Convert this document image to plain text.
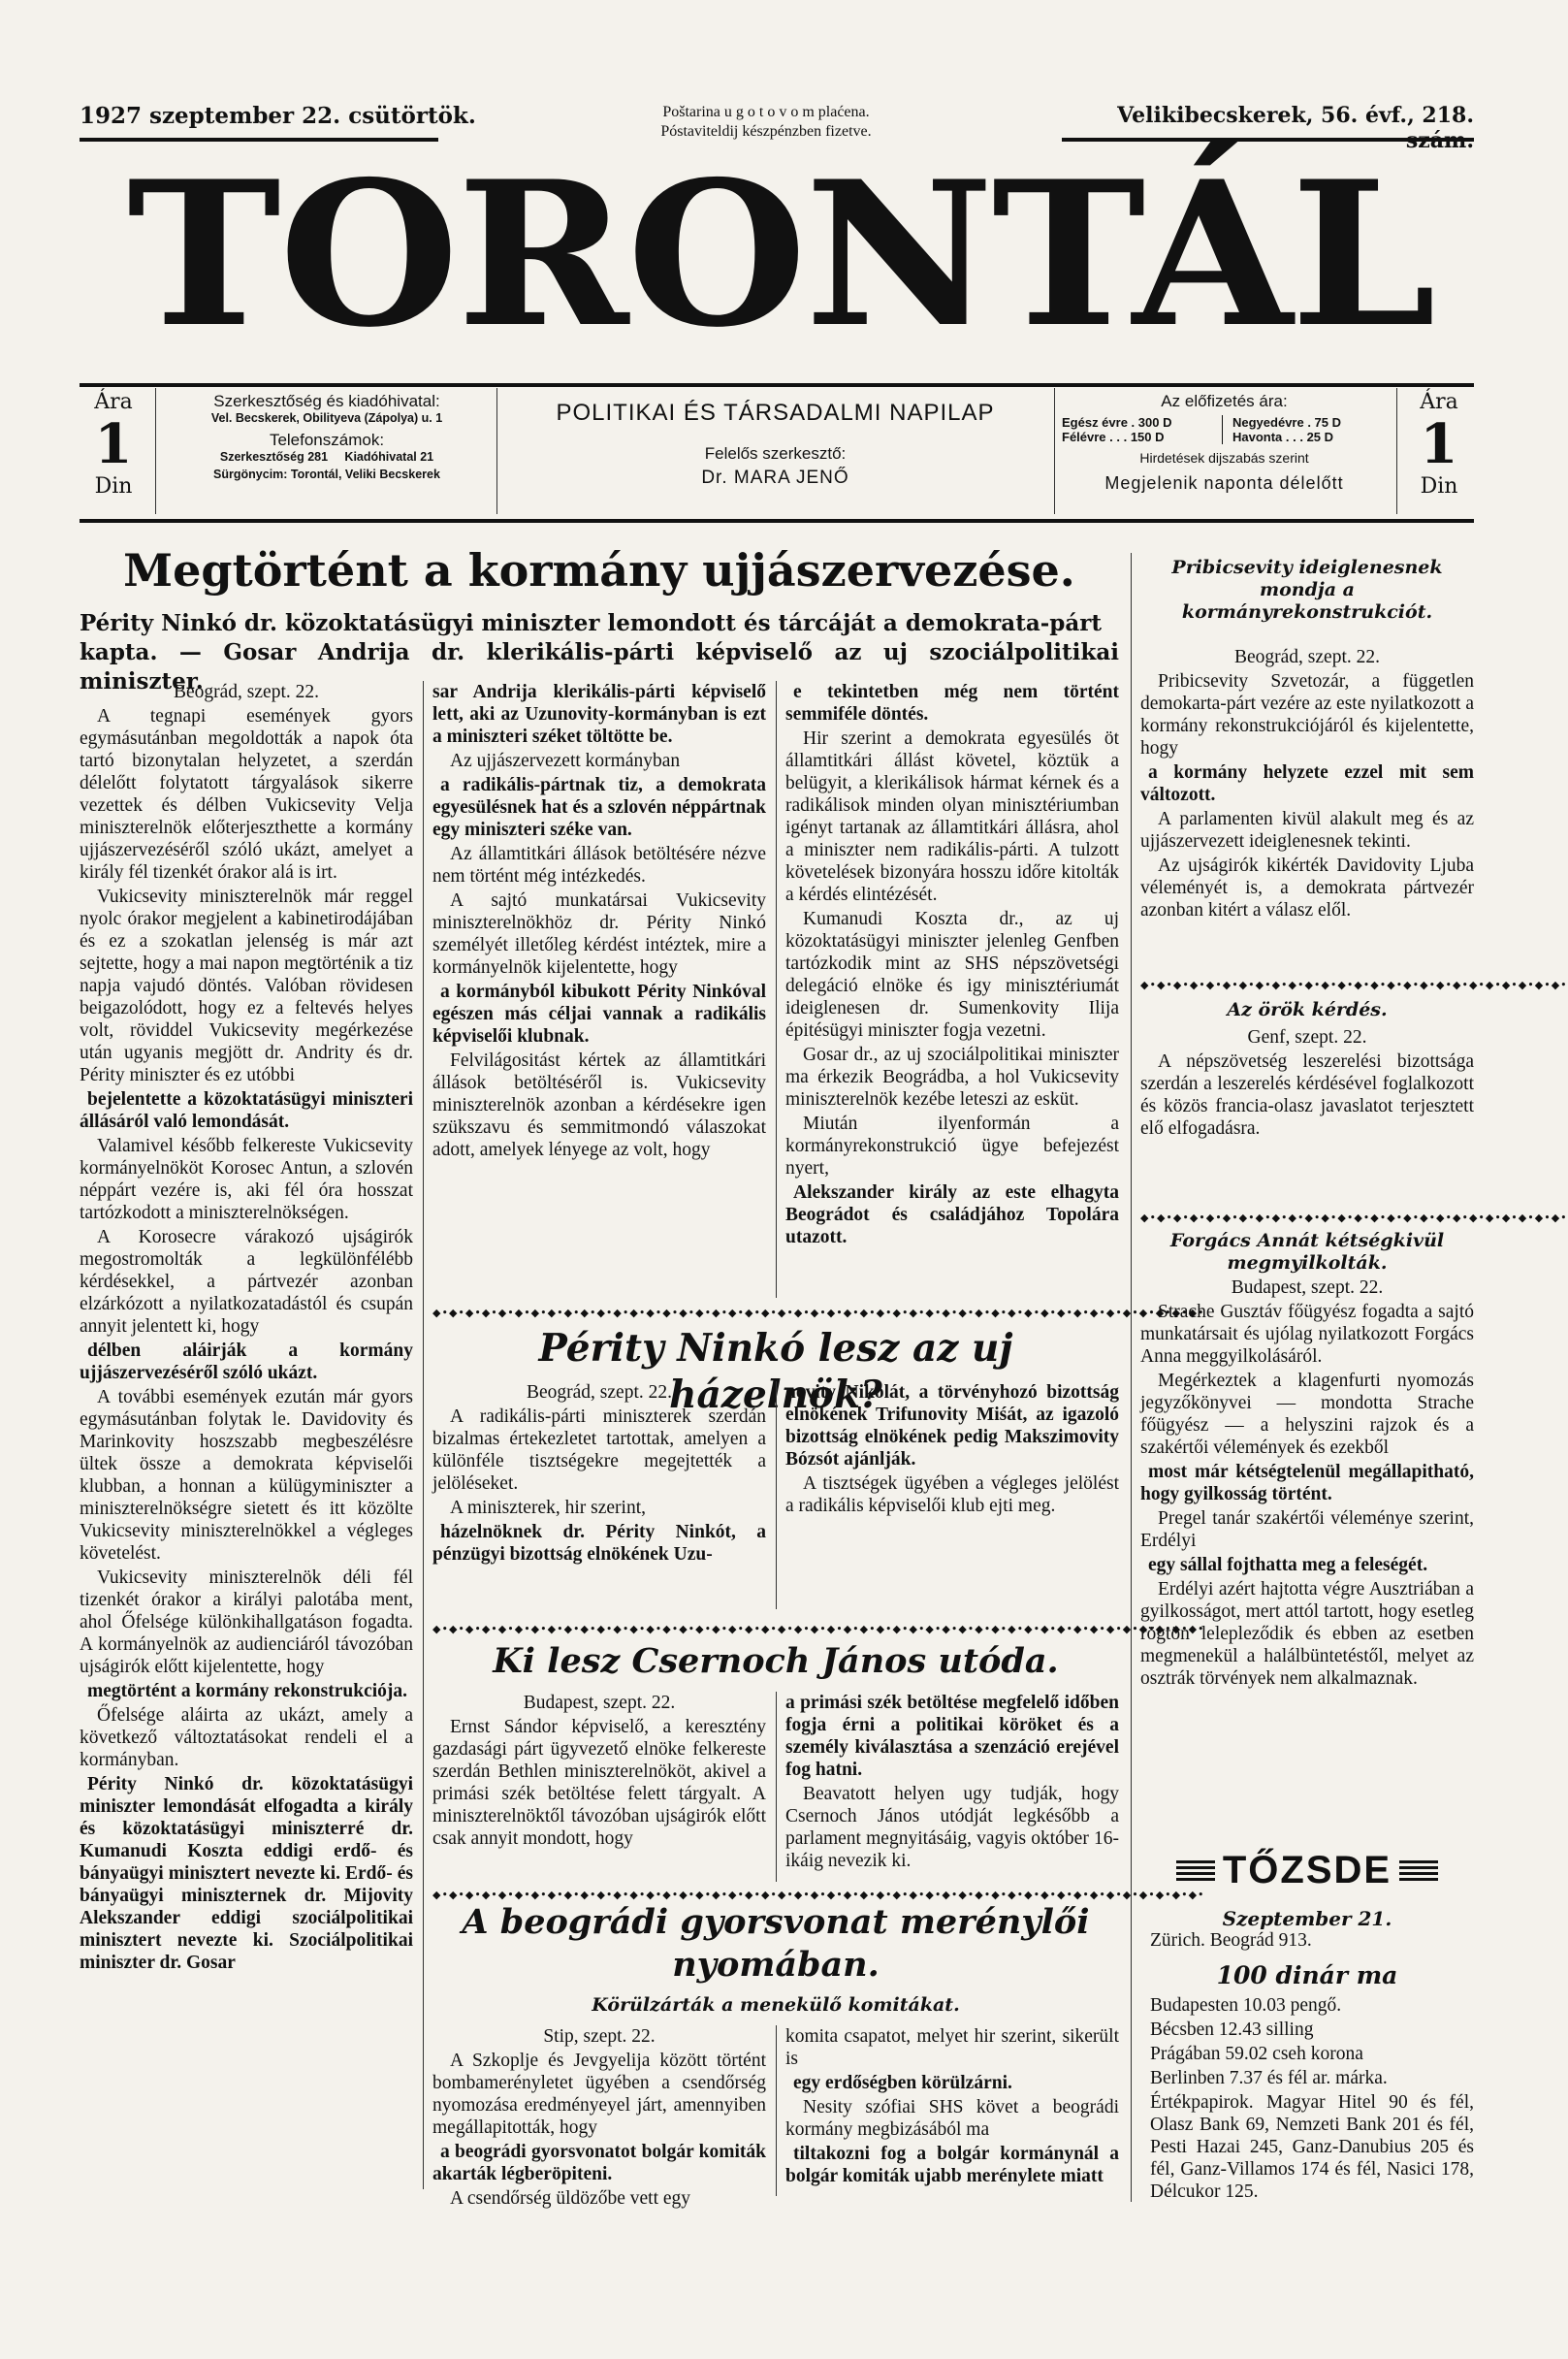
1927 szeptember 22. csütörtök.	Poštarina u g o t o v o m plaćena.
Póstaviteldij készpénzben fizetve.
Velikibecskerek, 56. évf., 218. szám.
TORONTÁL
Ára
1
Din
Szerkesztőség és kiadóhivatal:
Vel. Becskerek, Obilityeva (Zápolya) u. 1
Telefonszámok:
Szerkesztőség 281     Kiadóhivatal 21
Sürgönycim: Torontál, Veliki Becskerek
POLITIKAI ÉS TÁRSADALMI NAPILAP
Felelős szerkesztő:
Dr. MARA JENŐ
Az előfizetés ára:
Egész évre . 300 D
Félévre . . . 150 D
Negyedévre . 75 D
Havonta . . . 25 D
Hirdetések dijszabás szerint
Megjelenik naponta délelőtt
Ára
1
Din
Megtörtént a kormány ujjászervezése.
Périty Ninkó dr. közoktatásügyi miniszter lemondott és tárcáját a demokrata-párt
kapta. — Gosar Andrija dr. klerikális-párti képviselő az uj szociálpolitikai miniszter.

Beográd, szept. 22.

A tegnapi események gyors egymásutánban megoldották a napok óta tartó bizonytalan helyzetet, a szerdán délelőtt folytatott tárgyalások sikerre vezettek és délben Vukicsevity Velja miniszterelnök előterjeszthette a kormány ujjászervezéséről szóló ukázt, amelyet a király fél tizenkét órakor alá is irt.

Vukicsevity miniszterelnök már reggel nyolc órakor megjelent a kabinetirodájában és ez a szokatlan jelenség is már azt sejtette, hogy a mai napon megtörténik a tiz napja vajudó döntés. Valóban rövidesen beigazolódott, hogy ez a feltevés helyes volt, röviddel Vukicsevity megérkezése után ugyanis megjött dr. Andrity és dr. Périty miniszter és ez utóbbi

bejelentette a közoktatásügyi miniszteri állásáról való lemondását.

Valamivel később felkereste Vukicsevity kormányelnököt Korosec Antun, a szlovén néppárt vezére is, aki fél óra hosszat tartózkodott a miniszterelnökségen.

A Korosecre várakozó ujságirók megostromolták a legkülönfélébb kérdésekkel, a pártvezér azonban elzárkózott a nyilatkozatadástól és csupán annyit jelentett ki, hogy

délben aláirják a kormány ujjászervezéséről szóló ukázt.

A további események ezután már gyors egymásutánban folytak le. Davidovity és Marinkovity hoszszabb megbeszélésre ültek össze a demokrata képviselői klubban, a honnan a külügyminiszter a miniszterelnökségre sietett és itt közölte Vukicsevity miniszterelnökkel a végleges követelést.

Vukicsevity miniszterelnök déli fél tizenkét órakor a királyi palotába ment, ahol Őfelsége különkihallgatáson fogadta. A kormányelnök az audienciáról távozóban ujságirók előtt kijelentette, hogy

megtörtént a kormány rekonstrukciója.

Őfelsége aláirta az ukázt, amely a következő változtatásokat rendeli el a kormányban.

Périty Ninkó dr. közoktatásügyi miniszter lemondását elfogadta a király és közoktatásügyi miniszterré dr. Kumanudi Koszta eddigi erdő- és bányaügyi minisztert nevezte ki. Erdő- és bányaügyi miniszternek dr. Mijovity Alekszander eddigi szociálpolitikai minisztert nevezte ki. Szociálpolitikai miniszter dr. Gosar

sar Andrija klerikális-párti képviselő lett, aki az Uzunovity-kormányban is ezt a miniszteri széket töltötte be.

Az ujjászervezett kormányban

a radikális-pártnak tiz, a demokrata egyesülésnek hat és a szlovén néppártnak egy miniszteri széke van.

Az államtitkári állások betöltésére nézve nem történt még intézkedés.

A sajtó munkatársai Vukicsevity miniszterelnökhöz dr. Périty Ninkó személyét illetőleg kérdést intéztek, mire a kormányelnök kijelentette, hogy

a kormányból kibukott Périty Ninkóval egészen más céljai vannak a radikális képviselői klubnak.

Felvilágositást kértek az államtitkári állások betöltéséről is. Vukicsevity miniszterelnök azonban a kérdésekre igen szükszavu és semmitmondó válaszokat adott, amelyek lényege az volt, hogy

e tekintetben még nem történt semmiféle döntés.

Hir szerint a demokrata egyesülés öt államtitkári állást követel, köztük a belügyit, a klerikálisok hármat kérnek és a radikálisok minden olyan minisztériumban igényt tartanak az államtitkári állásra, ahol a miniszter nem radikális-párti. A tulzott követelések bizonyára hosszu időre kitolták a kérdés elintézését.

Kumanudi Koszta dr., az uj közoktatásügyi miniszter jelenleg Genfben tartózkodik mint az SHS népszövetségi delegáció elnöke és igy minisztériumát ideiglenesen dr. Sumenkovity Ilija épitésügyi miniszter fogja vezetni.

Gosar dr., az uj szociálpolitikai miniszter ma érkezik Beográdba, a hol Vukicsevity miniszterelnök kezébe leteszi az esküt.

Miután ilyenformán a kormányrekonstrukció ügye befejezést nyert,

Alekszander király az este elhagyta Beográdot és családjához Topolára utazott.

◆•◆•◆•◆•◆•◆•◆•◆•◆•◆•◆•◆•◆•◆•◆•◆•◆•◆•◆•◆•◆•◆•◆•◆•◆•◆•◆•◆•◆•◆•◆•◆•◆•◆•◆•◆•◆•◆•◆•◆•◆•◆•◆•◆•◆•◆•◆•
Périty Ninkó lesz az uj házelnök?

Beográd, szept. 22.

A radikális-párti miniszterek szerdán bizalmas értekezletet tartottak, amelyen a különféle tisztségekre megejtették a jelöléseket.

A miniszterek, hir szerint,

házelnöknek dr. Périty Ninkót, a pénzügyi bizottság elnökének Uzu-

novity Nikolát, a törvényhozó bizottság elnökének Trifunovity Miśát, az igazoló bizottság elnökének pedig Makszimovity Bózsót ajánlják.

A tisztségek ügyében a végleges jelölést a radikális képviselői klub ejti meg.

◆•◆•◆•◆•◆•◆•◆•◆•◆•◆•◆•◆•◆•◆•◆•◆•◆•◆•◆•◆•◆•◆•◆•◆•◆•◆•◆•◆•◆•◆•◆•◆•◆•◆•◆•◆•◆•◆•◆•◆•◆•◆•◆•◆•◆•◆•◆•
Ki lesz Csernoch János utóda.

Budapest, szept. 22.

Ernst Sándor képviselő, a keresztény gazdasági párt ügyvezető elnöke felkereste szerdán Bethlen miniszterelnököt, akivel a primási szék betöltése felett tárgyalt. A miniszterelnöktől távozóban ujságirók előtt csak annyit mondott, hogy

a primási szék betöltése megfelelő időben fogja érni a politikai köröket és a személy kiválasztása a szenzáció erejével fog hatni.

Beavatott helyen ugy tudják, hogy Csernoch János utódját legkésőbb a parlament megnyitásáig, vagyis október 16-ikáig nevezik ki.

◆•◆•◆•◆•◆•◆•◆•◆•◆•◆•◆•◆•◆•◆•◆•◆•◆•◆•◆•◆•◆•◆•◆•◆•◆•◆•◆•◆•◆•◆•◆•◆•◆•◆•◆•◆•◆•◆•◆•◆•◆•◆•◆•◆•◆•◆•◆•
A beográdi gyorsvonat merénylői
nyomában.
Körülzárták a menekülő komitákat.

Stip, szept. 22.

A Szkoplje és Jevgyelija között történt bombamerényletet ügyében a csendőrség nyomozása eredményeyel járt, amennyiben megállapitották, hogy

a beográdi gyorsvonatot bolgár komiták akarták légberöpiteni.

A csendőrség üldözőbe vett egy

komita csapatot, melyet hir szerint, sikerült is

egy erdőségben körülzárni.

Nesity szófiai SHS követ a beográdi kormány megbizásából ma

tiltakozni fog a bolgár kormánynál a bolgár komiták ujabb merénylete miatt

Pribicsevity ideiglenesnek mondja a kormányrekonstrukciót.

Beográd, szept. 22.

Pribicsevity Szvetozár, a független demokarta-párt vezére az este nyilatkozott a kormány rekonstrukciójáról és kijelentette, hogy

a kormány helyzete ezzel mit sem változott.

A parlamenten kivül alakult meg és az ujjászervezett ideiglenesnek tekinti.

Az ujságirók kikérték Davidovity Ljuba véleményét is, a demokrata pártvezér azonban kitért a válasz elől.

◆•◆•◆•◆•◆•◆•◆•◆•◆•◆•◆•◆•◆•◆•◆•◆•◆•◆•◆•◆•◆•◆•◆•◆•◆•◆•
Az örök kérdés.

Genf, szept. 22.

A népszövetség leszerelési bizottsága szerdán a leszerelés kérdésével foglalkozott és közös francia-olasz javaslatot terjesztett elő elfogadásra.

◆•◆•◆•◆•◆•◆•◆•◆•◆•◆•◆•◆•◆•◆•◆•◆•◆•◆•◆•◆•◆•◆•◆•◆•◆•◆•
Forgács Annát kétségkivül megmyilkolták.

Budapest, szept. 22.

Strache Gusztáv főügyész fogadta a sajtó munkatársait és ujólag nyilatkozott Forgács Anna meggyilkolásáról.

Megérkeztek a klagenfurti nyomozás jegyzőkönyvei — mondotta Strache főügyész — a helyszini rajzok és a szakértői vélemények és ezekből

most már kétségtelenül megállapitható, hogy gyilkosság történt.

Pregel tanár szakértői véleménye szerint, Erdélyi

egy sállal fojthatta meg a feleségét.

Erdélyi azért hajtotta végre Ausztriában a gyilkosságot, mert attól tartott, hogy esetleg rögtön lelepleződik és ebben az esetben megmenekül a halálbüntetéstől, melyet az osztrák törvények nem alkalmaznak.

TŐZSDE
Szeptember 21.
Zürich. Beográd 913.
100 dinár ma

Budapesten 10.03 pengő.

Bécsben 12.43 silling

Prágában 59.02 cseh korona

Berlinben 7.37 és fél ar. márka.

Értékpapirok. Magyar Hitel 90 és fél, Olasz Bank 69, Nemzeti Bank 201 és fél, Pesti Hazai 245, Ganz-Danubius 205 és fél, Ganz-Villamos 174 és fél, Nasici 178, Délcukor 125.
